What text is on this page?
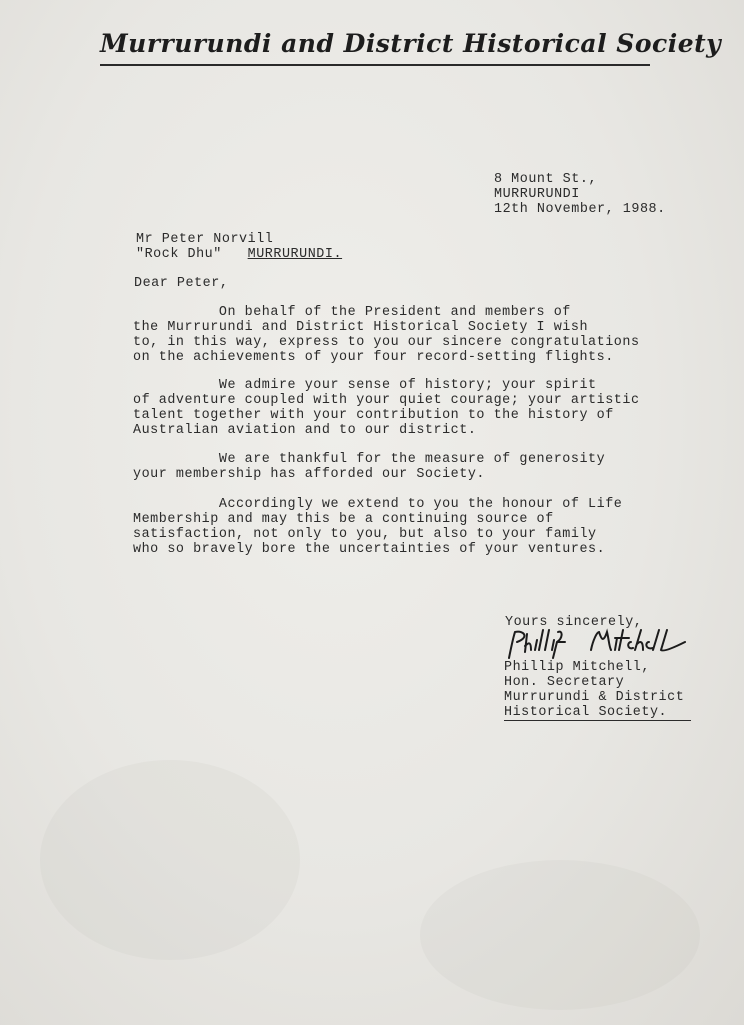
Murrurundi and District Historical Society
8 Mount St.,
MURRURUNDI
12th November, 1988.
Mr Peter Norvill
"Rock Dhu" MURRURUNDI.
Dear Peter,
On behalf of the President and members of
the Murrurundi and District Historical Society I wish
to, in this way, express to you our sincere congratulations
on the achievements of your four record-setting flights.
We admire your sense of history; your spirit
of adventure coupled with your quiet courage; your artistic
talent together with your contribution to the history of
Australian aviation and to our district.
We are thankful for the measure of generosity
your membership has afforded our Society.
Accordingly we extend to you the honour of Life
Membership and may this be a continuing source of
satisfaction, not only to you, but also to your family
who so bravely bore the uncertainties of your ventures.
Yours sincerely,
Phillip Mitchell,
Hon. Secretary
Murrurundi & District
Historical Society.
